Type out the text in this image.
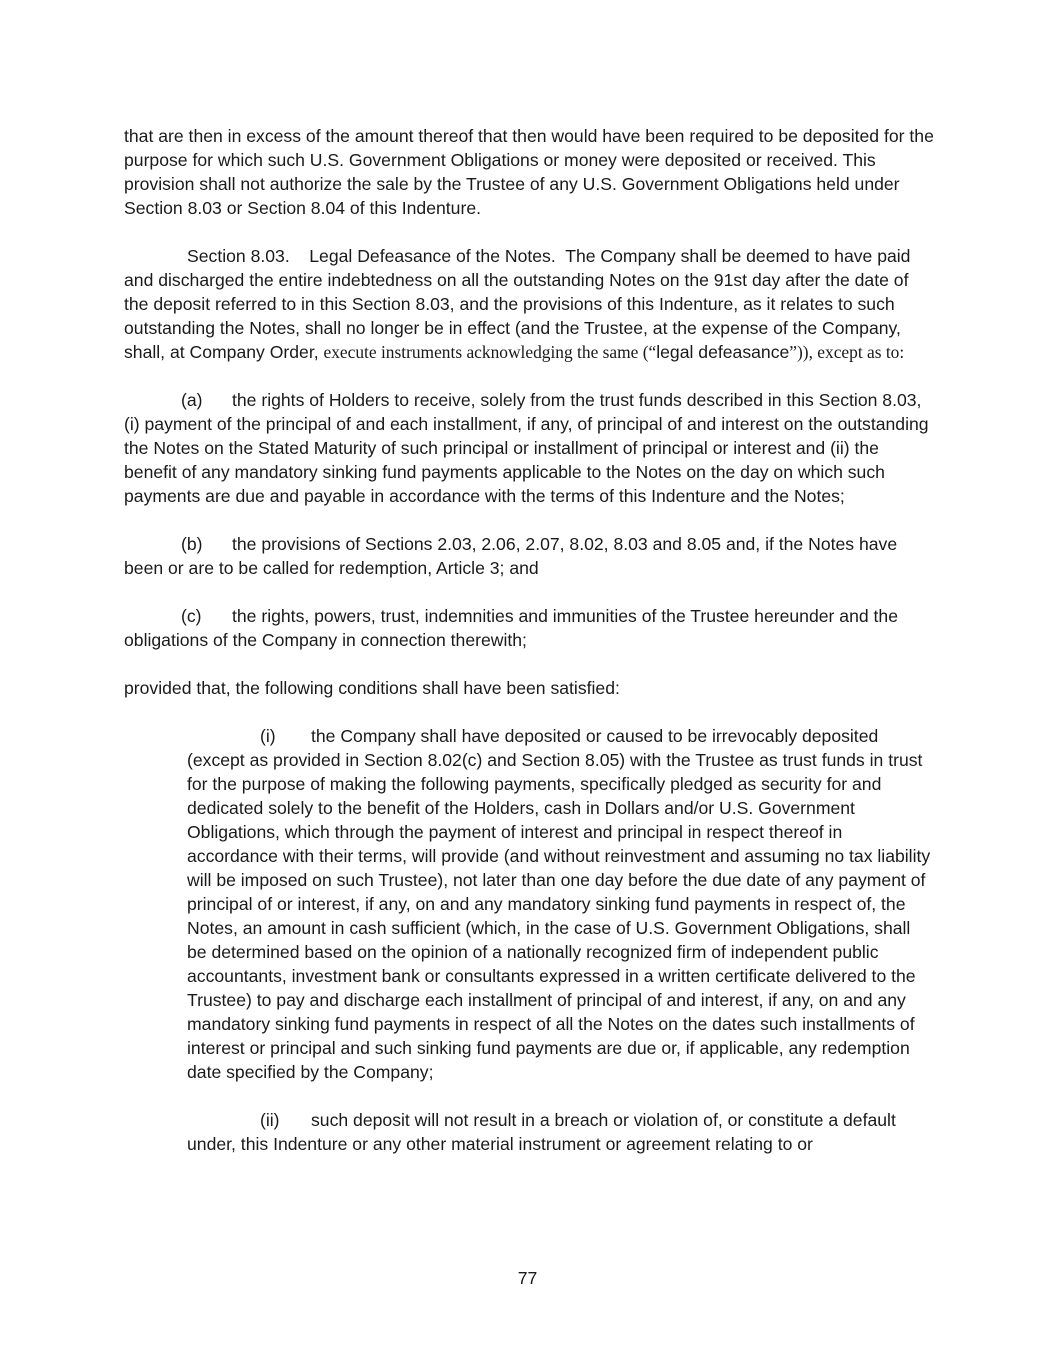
that are then in excess of the amount thereof that then would have been required to be deposited for the purpose for which such U.S. Government Obligations or money were deposited or received. This provision shall not authorize the sale by the Trustee of any U.S. Government Obligations held under Section 8.03 or Section 8.04 of this Indenture.

Section 8.03. Legal Defeasance of the Notes. The Company shall be deemed to have paid and discharged the entire indebtedness on all the outstanding Notes on the 91st day after the date of the deposit referred to in this Section 8.03, and the provisions of this Indenture, as it relates to such outstanding the Notes, shall no longer be in effect (and the Trustee, at the expense of the Company, shall, at Company Order, execute instruments acknowledging the same (“legal defeasance”)), except as to:

(a) the rights of Holders to receive, solely from the trust funds described in this Section 8.03, (i) payment of the principal of and each installment, if any, of principal of and interest on the outstanding the Notes on the Stated Maturity of such principal or installment of principal or interest and (ii) the benefit of any mandatory sinking fund payments applicable to the Notes on the day on which such payments are due and payable in accordance with the terms of this Indenture and the Notes;

(b) the provisions of Sections 2.03, 2.06, 2.07, 8.02, 8.03 and 8.05 and, if the Notes have been or are to be called for redemption, Article 3; and

(c) the rights, powers, trust, indemnities and immunities of the Trustee hereunder and the obligations of the Company in connection therewith;

provided that, the following conditions shall have been satisfied:

(i) the Company shall have deposited or caused to be irrevocably deposited (except as provided in Section 8.02(c) and Section 8.05) with the Trustee as trust funds in trust for the purpose of making the following payments, specifically pledged as security for and dedicated solely to the benefit of the Holders, cash in Dollars and/or U.S. Government Obligations, which through the payment of interest and principal in respect thereof in accordance with their terms, will provide (and without reinvestment and assuming no tax liability will be imposed on such Trustee), not later than one day before the due date of any payment of principal of or interest, if any, on and any mandatory sinking fund payments in respect of, the Notes, an amount in cash sufficient (which, in the case of U.S. Government Obligations, shall be determined based on the opinion of a nationally recognized firm of independent public accountants, investment bank or consultants expressed in a written certificate delivered to the Trustee) to pay and discharge each installment of principal of and interest, if any, on and any mandatory sinking fund payments in respect of all the Notes on the dates such installments of interest or principal and such sinking fund payments are due or, if applicable, any redemption date specified by the Company;

(ii) such deposit will not result in a breach or violation of, or constitute a default under, this Indenture or any other material instrument or agreement relating to or

77
